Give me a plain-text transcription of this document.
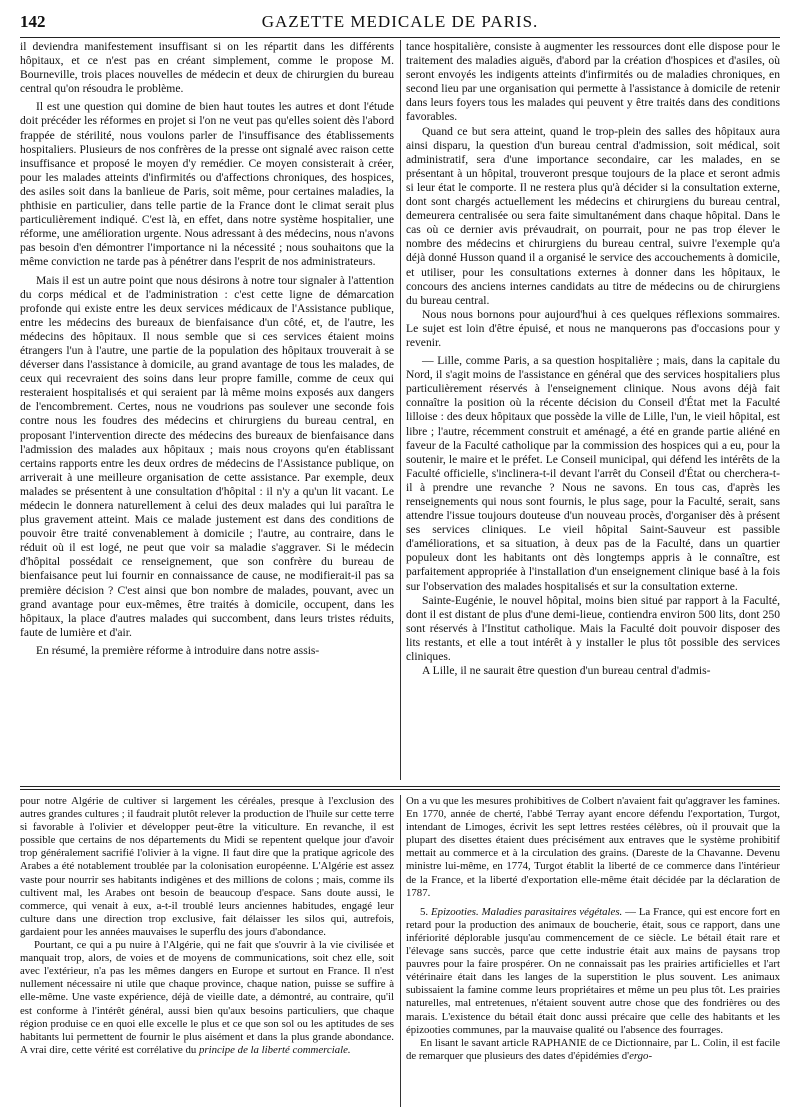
142	GAZETTE MEDICALE DE PARIS.

il deviendra manifestement insuffisant si on les répartit dans les différents hôpitaux, et ce n'est pas en créant simplement, comme le propose M. Bourneville, trois places nouvelles de médecin et deux de chirurgien du bureau central qu'on résoudra le problème.

Il est une question qui domine de bien haut toutes les autres et dont l'étude doit précéder les réformes en projet si l'on ne veut pas qu'elles soient dès l'abord frappée de stérilité, nous voulons parler de l'insuffisance des établissements hospitaliers. Plusieurs de nos confrères de la presse ont signalé avec raison cette insuffisance et proposé le moyen d'y remédier. Ce moyen consisterait à créer, pour les malades atteints d'infirmités ou d'affections chroniques, des hospices, des asiles soit dans la banlieue de Paris, soit même, pour certaines maladies, la phthisie en particulier, dans telle partie de la France dont le climat serait plus particulièrement indiqué. C'est là, en effet, dans notre système hospitalier, une réforme, une amélioration urgente. Nous adressant à des médecins, nous n'avons pas besoin d'en démontrer l'importance ni la nécessité ; nous souhaitons que la même conviction ne tarde pas à pénétrer dans l'esprit de nos administrateurs.

Mais il est un autre point que nous désirons à notre tour signaler à l'attention du corps médical et de l'administration : c'est cette ligne de démarcation profonde qui existe entre les deux services médicaux de l'Assistance publique, entre les médecins des bureaux de bienfaisance d'un côté, et, de l'autre, les médecins des hôpitaux. Il nous semble que si ces services étaient moins étrangers l'un à l'autre, une partie de la population des hôpitaux trouverait à se déverser dans l'assistance à domicile, au grand avantage de tous les malades, de ceux qui recevraient des soins dans leur propre famille, comme de ceux qui resteraient hospitalisés et qui seraient par là même moins exposés aux dangers de l'encombrement. Certes, nous ne voudrions pas soulever une seconde fois contre nous les foudres des médecins et chirurgiens du bureau central, en proposant l'intervention directe des médecins des bureaux de bienfaisance dans l'admission des malades aux hôpitaux ; mais nous croyons qu'en établissant certains rapports entre les deux ordres de médecins de l'Assistance publique, on arriverait à une meilleure organisation de cette assistance. Par exemple, deux malades se présentent à une consultation d'hôpital : il n'y a qu'un lit vacant. Le médecin le donnera naturellement à celui des deux malades qui lui paraîtra le plus gravement atteint. Mais ce malade justement est dans des conditions de pouvoir être traité convenablement à domicile ; l'autre, au contraire, dans le réduit où il est logé, ne peut que voir sa maladie s'aggraver. Si le médecin d'hôpital possédait ce renseignement, que son confrère du bureau de bienfaisance peut lui fournir en connaissance de cause, ne modifierait-il pas sa première décision ? C'est ainsi que bon nombre de malades, pouvant, avec un grand avantage pour eux-mêmes, être traités à domicile, occupent, dans les hôpitaux, la place d'autres malades qui succombent, dans leurs tristes réduits, faute de lumière et d'air.

En résumé, la première réforme à introduire dans notre assis-

tance hospitalière, consiste à augmenter les ressources dont elle dispose pour le traitement des maladies aiguës, d'abord par la création d'hospices et d'asiles, où seront envoyés les indigents atteints d'infirmités ou de maladies chroniques, en second lieu par une organisation qui permette à l'assistance à domicile de retenir dans leurs foyers tous les malades qui peuvent y être traités dans des conditions favorables.

Quand ce but sera atteint, quand le trop-plein des salles des hôpitaux aura ainsi disparu, la question d'un bureau central d'admission, soit médical, soit administratif, sera d'une importance secondaire, car les malades, en se présentant à un hôpital, trouveront presque toujours de la place et seront admis si leur état le comporte. Il ne restera plus qu'à décider si la consultation externe, dont sont chargés actuellement les médecins et chirurgiens du bureau central, demeurera centralisée ou sera faite simultanément dans chaque hôpital. Dans le cas où ce dernier avis prévaudrait, on pourrait, pour ne pas trop élever le nombre des médecins et chirurgiens du bureau central, suivre l'exemple qu'a déjà donné Husson quand il a organisé le service des accouchements à domicile, et utiliser, pour les consultations externes à donner dans les hôpitaux, le concours des anciens internes candidats au titre de médecins ou de chirurgiens du bureau central.

Nous nous bornons pour aujourd'hui à ces quelques réflexions sommaires. Le sujet est loin d'être épuisé, et nous ne manquerons pas d'occasions pour y revenir.

— Lille, comme Paris, a sa question hospitalière ; mais, dans la capitale du Nord, il s'agit moins de l'assistance en général que des services hospitaliers plus particulièrement réservés à l'enseignement clinique. Nous avons déjà fait connaître la position où la récente décision du Conseil d'État met la Faculté lilloise : des deux hôpitaux que possède la ville de Lille, l'un, le vieil hôpital, est libre ; l'autre, récemment construit et aménagé, a été en grande partie aliéné en faveur de la Faculté catholique par la commission des hospices qui a eu, pour la soutenir, le maire et le préfet. Le Conseil municipal, qui défend les intérêts de la Faculté officielle, s'inclinera-t-il devant l'arrêt du Conseil d'État ou cherchera-t-il à prendre une revanche ? Nous ne savons. En tous cas, d'après les renseignements qui nous sont fournis, le plus sage, pour la Faculté, serait, sans attendre l'issue toujours douteuse d'un nouveau procès, d'organiser dès à présent ses services cliniques. Le vieil hôpital Saint-Sauveur est passible d'améliorations, et sa situation, à deux pas de la Faculté, dans un quartier populeux dont les habitants ont dès longtemps appris à le connaître, est parfaitement appropriée à l'installation d'un enseignement clinique basé à la fois sur l'observation des malades hospitalisés et sur la consultation externe.

Sainte-Eugénie, le nouvel hôpital, moins bien situé par rapport à la Faculté, dont il est distant de plus d'une demi-lieue, contiendra environ 500 lits, dont 250 sont réservés à l'Institut catholique. Mais la Faculté doit pouvoir disposer des lits restants, et elle a tout intérêt à y installer le plus tôt possible des services cliniques.

A Lille, il ne saurait être question d'un bureau central d'admis-

pour notre Algérie de cultiver si largement les céréales, presque à l'exclusion des autres grandes cultures ; il faudrait plutôt relever la production de l'huile sur cette terre si favorable à l'olivier et développer peut-être la viticulture. En revanche, il est possible que certains de nos départements du Midi se repentent quelque jour d'avoir trop généralement sacrifié l'olivier à la vigne. Il faut dire que la pratique agricole des Arabes a été notablement troublée par la colonisation européenne. L'Algérie est assez vaste pour nourrir ses habitants indigènes et des millions de colons ; mais, comme ils cultivent mal, les Arabes ont besoin de beaucoup d'espace. Sans doute aussi, le commerce, qui venait à eux, a-t-il troublé leurs anciennes habitudes, engagé leur culture dans une direction trop exclusive, fait délaisser les silos qui, autrefois, gardaient pour les années mauvaises le superflu des jours d'abondance.

Pourtant, ce qui a pu nuire à l'Algérie, qui ne fait que s'ouvrir à la vie civilisée et manquait trop, alors, de voies et de moyens de communications, soit chez elle, soit avec l'extérieur, n'a pas les mêmes dangers en Europe et surtout en France. Il n'est nullement nécessaire ni utile que chaque province, chaque nation, puisse se suffire à elle-même. Une vaste expérience, déjà de vieille date, a démontré, au contraire, qu'il est conforme à l'intérêt général, aussi bien qu'aux besoins particuliers, que chaque région produise ce en quoi elle excelle le plus et ce que son sol ou les aptitudes de ses habitants lui permettent de fournir le plus aisément et dans la plus grande abondance. A vrai dire, cette vérité est corrélative du principe de la liberté commerciale.

On a vu que les mesures prohibitives de Colbert n'avaient fait qu'aggraver les famines. En 1770, année de cherté, l'abbé Terray ayant encore défendu l'exportation, Turgot, intendant de Limoges, écrivit les sept lettres restées célèbres, où il prouvait que la plupart des disettes étaient dues précisément aux entraves que le système prohibitif mettait au commerce et à la circulation des grains. (Dareste de la Chavanne. Devenu ministre lui-même, en 1774, Turgot établit la liberté de ce commerce dans l'intérieur de la France, et la liberté d'exportation elle-même était décidée par la déclaration de 1787.

5. Epizooties. Maladies parasitaires végétales. — La France, qui est encore fort en retard pour la production des animaux de boucherie, était, sous ce rapport, dans une infériorité déplorable jusqu'au commencement de ce siècle. Le bétail était rare et l'élevage sans succès, parce que cette industrie était aux mains de paysans trop pauvres pour la faire prospérer. On ne connaissait pas les prairies artificielles et l'art vétérinaire était dans les langes de la superstition le plus souvent. Les animaux subissaient la famine comme leurs propriétaires et même un peu plus tôt. Les prairies naturelles, mal entretenues, n'étaient souvent autre chose que des fondrières ou des marais. L'existence du bétail était donc aussi précaire que celle des habitants et les épizooties communes, par la mauvaise qualité ou l'absence des fourrages.

En lisant le savant article RAPHANIE de ce Dictionnaire, par L. Colin, il est facile de remarquer que plusieurs des dates d'épidémies d'ergo-
